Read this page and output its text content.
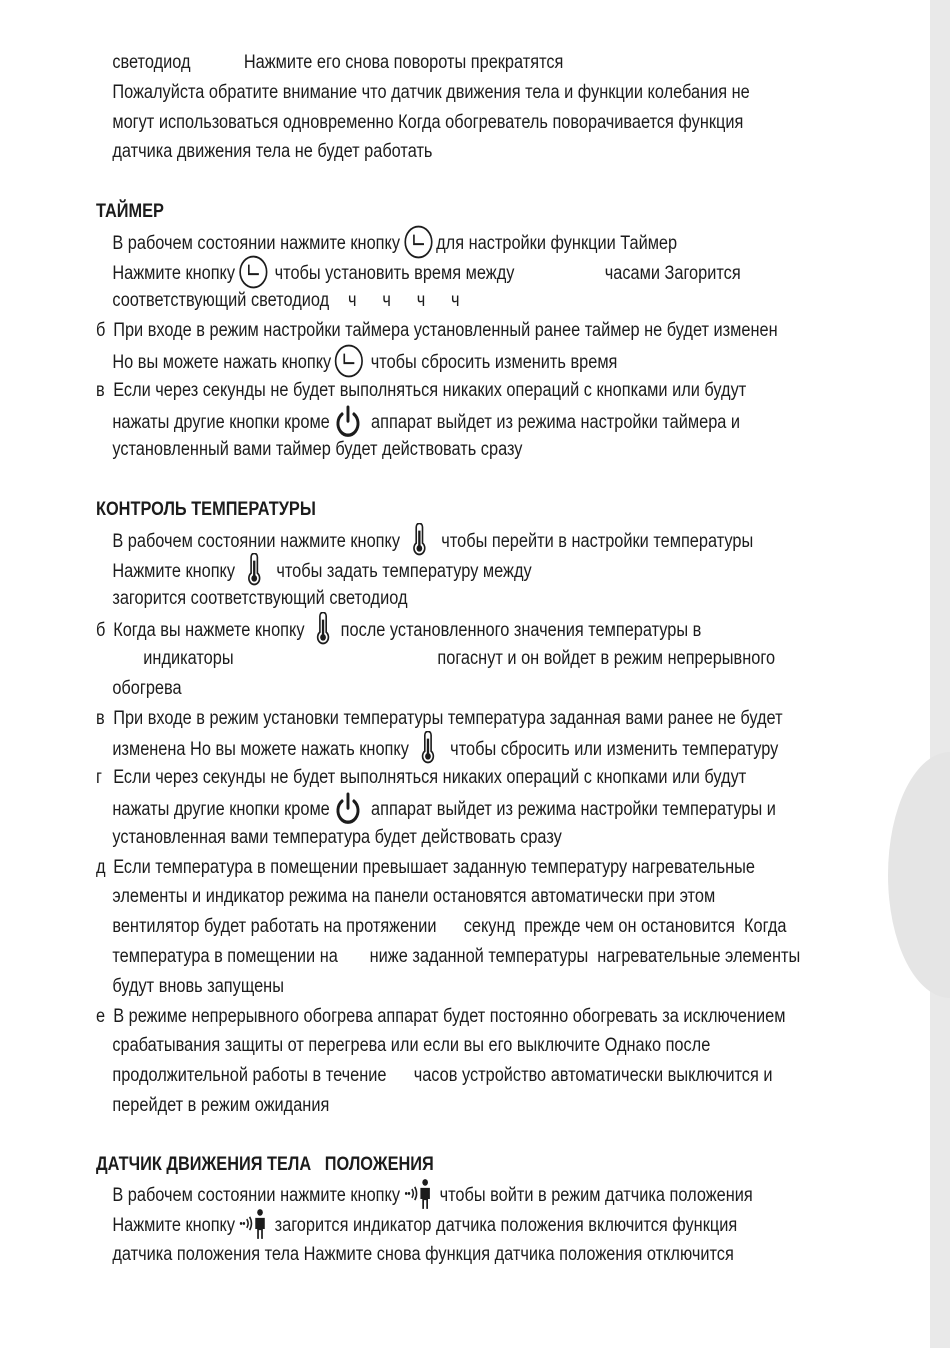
светодиод	Нажмите его снова повороты прекратятся
Пожалуйста обратите внимание что датчик движения тела и функции колебания не
могут использоваться одновременно Когда обогреватель поворачивается функция
датчика движения тела не будет работать
ТАЙМЕР
В рабочем состоянии нажмите кнопку для настройки функции Таймер
Нажмите кнопку чтобы установить время между	часами Загорится
соответствующий светодиод ч ч ч ч
б При входе в режим настройки таймера установленный ранее таймер не будет изменен
Но вы можете нажать кнопку чтобы сбросить изменить время
в Если через секунды не будет выполняться никаких операций с кнопками или будут
нажаты другие кнопки кроме аппарат выйдет из режима настройки таймера и
установленный вами таймер будет действовать сразу
КОНТРОЛЬ ТЕМПЕРАТУРЫ
В рабочем состоянии нажмите кнопку чтобы перейти в настройки температуры
Нажмите кнопку чтобы задать температуру между
загорится соответствующий светодиод
б Когда вы нажмете кнопку после установленного значения температуры в
индикаторы	погаснут и он войдет в режим непрерывного
обогрева
в При входе в режим установки температуры температура заданная вами ранее не будет
изменена Но вы можете нажать кнопку чтобы сбросить или изменить температуру
г Если через секунды не будет выполняться никаких операций с кнопками или будут
нажаты другие кнопки кроме аппарат выйдет из режима настройки температуры и
установленная вами температура будет действовать сразу
д Если температура в помещении превышает заданную температуру нагревательные
элементы и индикатор режима на панели остановятся автоматически при этом
вентилятор будет работать на протяжении      секунд  прежде чем он остановится  Когда
температура в помещении на       ниже заданной температуры  нагревательные элементы
будут вновь запущены
е В режиме непрерывного обогрева аппарат будет постоянно обогревать за исключением
срабатывания защиты от перегрева или если вы его выключите Однако после
продолжительной работы в течение      часов устройство автоматически выключится и
перейдет в режим ожидания
ДАТЧИК ДВИЖЕНИЯ ТЕЛА   ПОЛОЖЕНИЯ
В рабочем состоянии нажмите кнопку чтобы войти в режим датчика положения
Нажмите кнопку загорится индикатор датчика положения включится функция
датчика положения тела Нажмите снова функция датчика положения отключится
